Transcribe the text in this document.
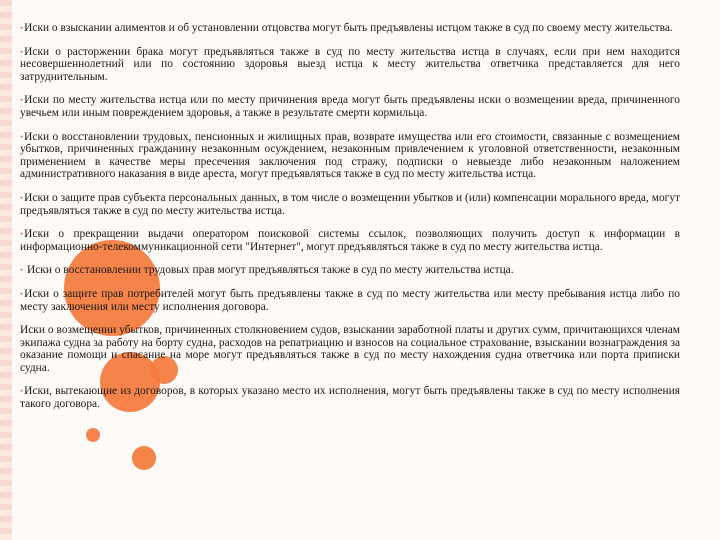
•Иски о взыскании алиментов и об установлении отцовства могут быть предъявлены истцом также в суд по своему месту жительства.

•Иски о расторжении брака могут предъявляться также в суд по месту жительства истца в случаях, если при нем находится несовершеннолетний или по состоянию здоровья выезд истца к месту жительства ответчика представляется для него затруднительным.

•Иски по месту жительства истца или по месту причинения вреда могут быть предъявлены иски о возмещении вреда, причиненного увечьем или иным повреждением здоровья, а также в результате смерти кормильца.

•Иски о восстановлении трудовых, пенсионных и жилищных прав, возврате имущества или его стоимости, связанные с возмещением убытков, причиненных гражданину незаконным осуждением, незаконным привлечением к уголовной ответственности, незаконным применением в качестве меры пресечения заключения под стражу, подписки о невыезде либо незаконным наложением административного наказания в виде ареста, могут предъявляться также в суд по месту жительства истца.

•Иски о защите прав субъекта персональных данных, в том числе о возмещении убытков и (или) компенсации морального вреда, могут предъявляться также в суд по месту жительства истца.

•Иски о прекращении выдачи оператором поисковой системы ссылок, позволяющих получить доступ к информации в информационно-телекоммуникационной сети "Интернет", могут предъявляться также в суд по месту жительства истца.

• Иски о восстановлении трудовых прав могут предъявляться также в суд по месту жительства истца.

•Иски о защите прав потребителей могут быть предъявлены также в суд по месту жительства или месту пребывания истца либо по месту заключения или месту исполнения договора.

Иски о возмещении убытков, причиненных столкновением судов, взыскании заработной платы и других сумм, причитающихся членам экипажа судна за работу на борту судна, расходов на репатриацию и взносов на социальное страхование, взыскании вознаграждения за оказание помощи и спасание на море могут предъявляться также в суд по месту нахождения судна ответчика или порта приписки судна.

•Иски, вытекающие из договоров, в которых указано место их исполнения, могут быть предъявлены также в суд по месту исполнения такого договора.
